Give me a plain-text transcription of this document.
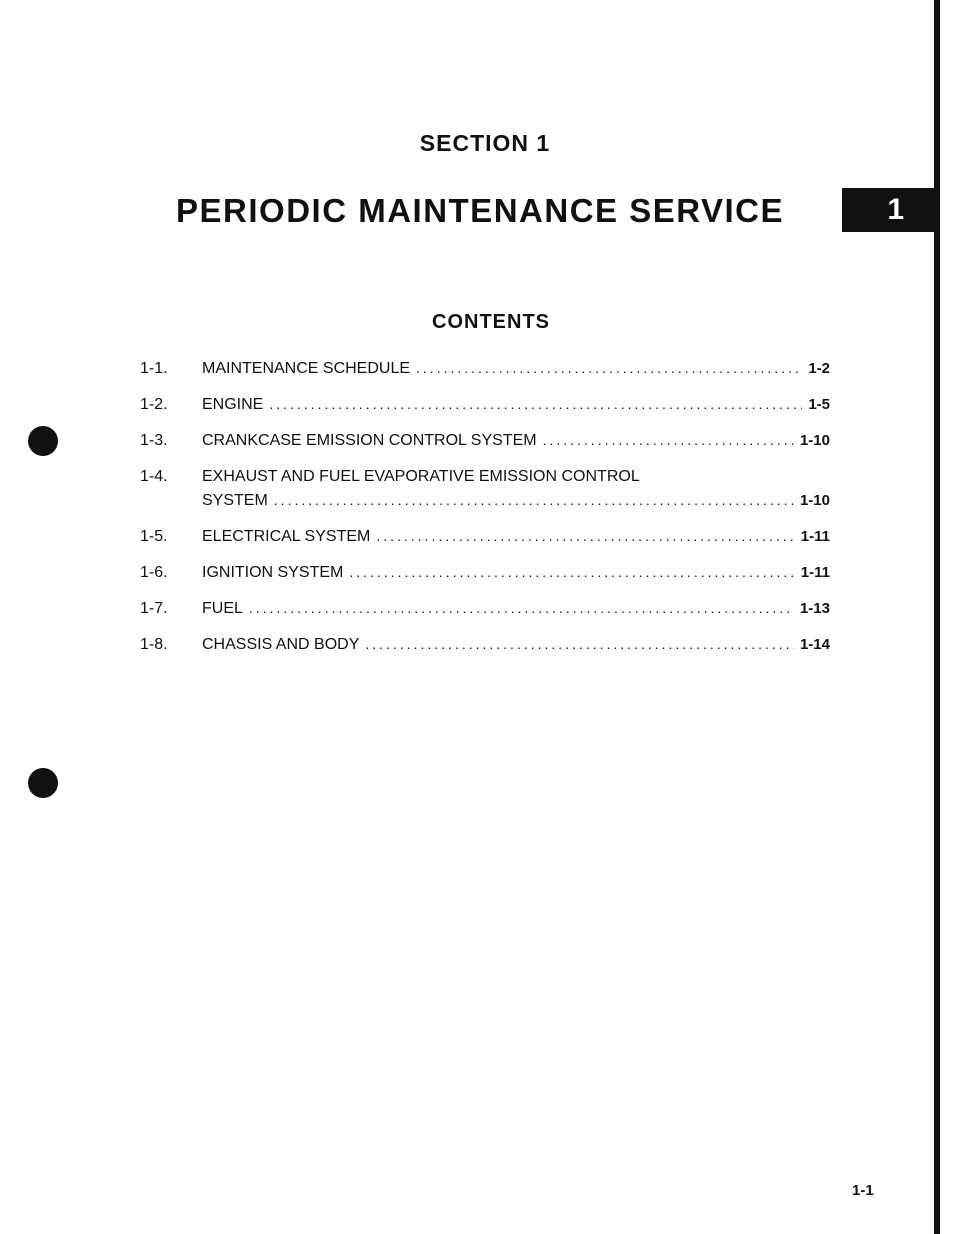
1
SECTION 1
PERIODIC MAINTENANCE SERVICE
CONTENTS
1-1. MAINTENANCE SCHEDULE .....	1-2
1-2. ENGINE .....	1-5
1-3. CRANKCASE EMISSION CONTROL SYSTEM .....	1-10
1-4. EXHAUST AND FUEL EVAPORATIVE EMISSION CONTROL
SYSTEM .....	1-10
1-5. ELECTRICAL SYSTEM .....	1-11
1-6. IGNITION SYSTEM .....	1-11
1-7. FUEL .....	1-13
1-8. CHASSIS AND BODY .....	1-14
1-1
